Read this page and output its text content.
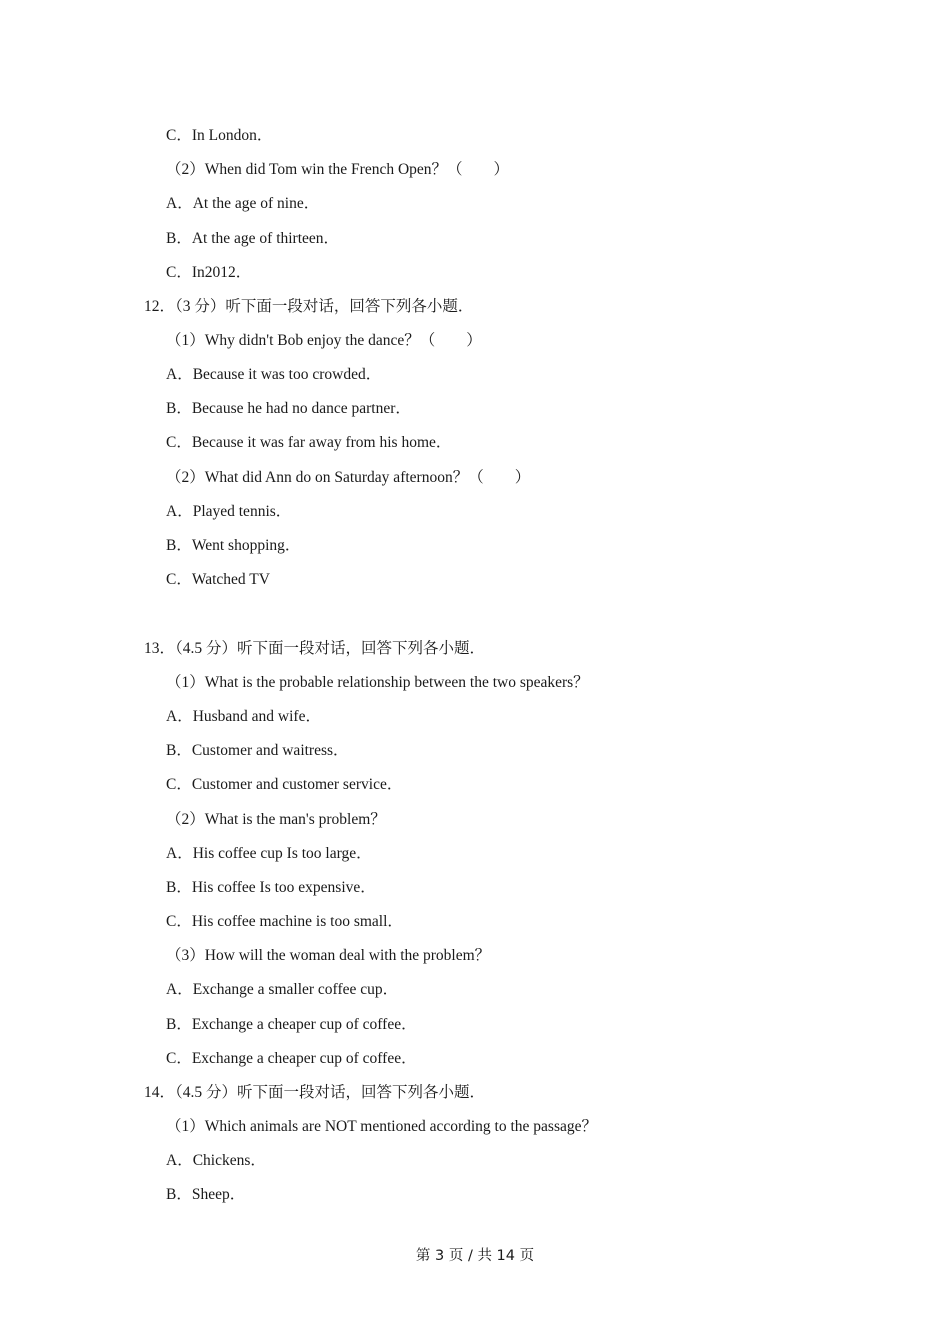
C．In London．
（2）When did Tom win the French Open？（　　）
A．At the age of nine．
B．At the age of thirteen．
C．In2012．
12．（3 分）听下面一段对话，回答下列各小题．
（1）Why didn't Bob enjoy the dance？（　　）
A．Because it was too crowded．
B．Because he had no dance partner．
C．Because it was far away from his home．
（2）What did Ann do on Saturday afternoon？（　　）
A．Played tennis．
B．Went shopping．
C．Watched TV
13．（4.5 分）听下面一段对话，回答下列各小题．
（1）What is the probable relationship between the two speakers？
A．Husband and wife．
B．Customer and waitress．
C．Customer and customer service．
（2）What is the man's problem？
A．His coffee cup Is too large．
B．His coffee Is too expensive．
C．His coffee machine is too small．
（3）How will the woman deal with the problem？
A．Exchange a smaller coffee cup．
B．Exchange a cheaper cup of coffee．
C．Exchange a cheaper cup of coffee．
14．（4.5 分）听下面一段对话，回答下列各小题．
（1）Which animals are NOT mentioned according to the passage？
A．Chickens．
B．Sheep．
第 3 页 / 共 14 页
